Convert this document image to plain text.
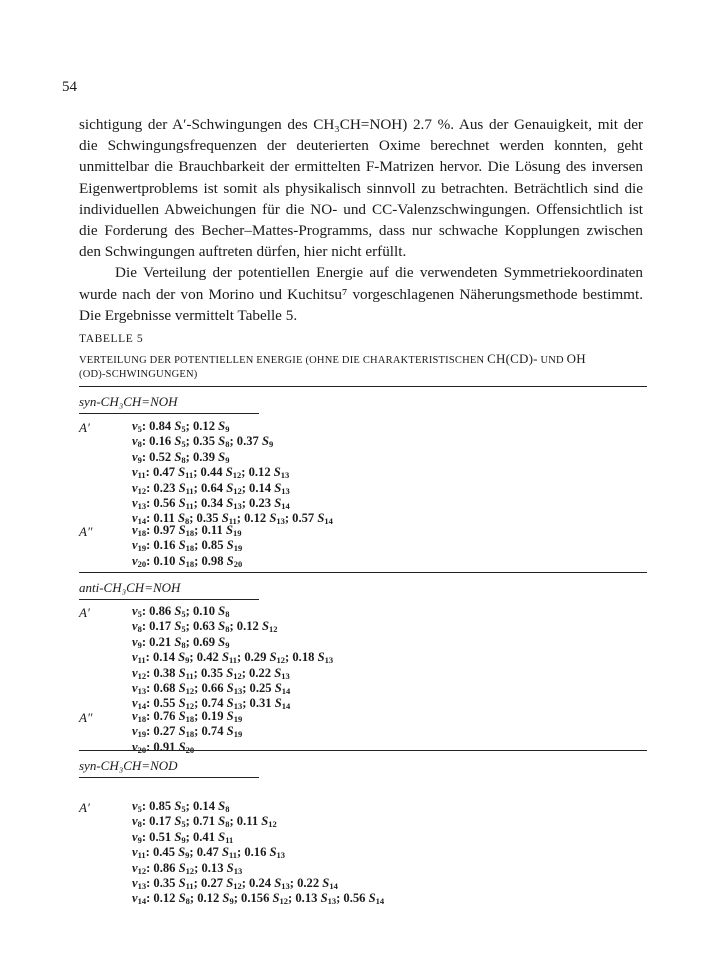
54

sichtigung der A′-Schwingungen des CH₃CH=NOH) 2.7 %. Aus der Genauigkeit, mit der die Schwingungsfrequenzen der deuterierten Oxime berechnet werden konnten, geht unmittelbar die Brauchbarkeit der ermittelten F-Matrizen hervor. Die Lösung des inversen Eigenwertproblems ist somit als physikalisch sinnvoll zu betrachten. Beträchtlich sind die individuellen Abweichungen für die NO- und CC-Valenzschwingungen. Offensichtlich ist die Forderung des Becher–Mattes-Programms, dass nur schwache Kopplungen zwischen den Schwingungen auftreten dürfen, hier nicht erfüllt.

Die Verteilung der potentiellen Energie auf die verwendeten Symmetriekoordinaten wurde nach der von Morino und Kuchitsu⁷ vorgeschlagenen Näherungsmethode bestimmt. Die Ergebnisse vermittelt Tabelle 5.

TABELLE 5
VERTEILUNG DER POTENTIELLEN ENERGIE (OHNE DIE CHARAKTERISTISCHEN CH(CD)- UND OH
(OD)-SCHWINGUNGEN)
syn-CH₃CH=NOH
A′	$\nu_5$: 0.84 $S_5$; 0.12 $S_9$
$\nu_8$: 0.16 $S_5$; 0.35 $S_8$; 0.37 $S_9$
$\nu_9$: 0.52 $S_8$; 0.39 $S_9$
$\nu_{11}$: 0.47 $S_{11}$; 0.44 $S_{12}$; 0.12 $S_{13}$
$\nu_{12}$: 0.23 $S_{11}$; 0.64 $S_{12}$; 0.14 $S_{13}$
$\nu_{13}$: 0.56 $S_{11}$; 0.34 $S_{13}$; 0.23 $S_{14}$
$\nu_{14}$: 0.11 $S_8$; 0.35 $S_{11}$; 0.12 $S_{13}$; 0.57 $S_{14}$
A″	$\nu_{18}$: 0.97 $S_{18}$; 0.11 $S_{19}$
$\nu_{19}$: 0.16 $S_{18}$; 0.85 $S_{19}$
$\nu_{20}$: 0.10 $S_{18}$; 0.98 $S_{20}$
anti-CH₃CH=NOH
A′	$\nu_5$: 0.86 $S_5$; 0.10 $S_8$
$\nu_8$: 0.17 $S_5$; 0.63 $S_8$; 0.12 $S_{12}$
$\nu_9$: 0.21 $S_8$; 0.69 $S_9$
$\nu_{11}$: 0.14 $S_9$; 0.42 $S_{11}$; 0.29 $S_{12}$; 0.18 $S_{13}$
$\nu_{12}$: 0.38 $S_{11}$; 0.35 $S_{12}$; 0.22 $S_{13}$
$\nu_{13}$: 0.68 $S_{12}$; 0.66 $S_{13}$; 0.25 $S_{14}$
$\nu_{14}$: 0.55 $S_{12}$; 0.74 $S_{13}$; 0.31 $S_{14}$
A″	$\nu_{18}$: 0.76 $S_{18}$; 0.19 $S_{19}$
$\nu_{19}$: 0.27 $S_{18}$; 0.74 $S_{19}$
$\nu_{20}$: 0.91 $S_{20}$
syn-CH₃CH=NOD
A′	$\nu_5$: 0.85 $S_5$; 0.14 $S_8$
$\nu_8$: 0.17 $S_5$; 0.71 $S_8$; 0.11 $S_{12}$
$\nu_9$: 0.51 $S_9$; 0.41 $S_{11}$
$\nu_{11}$: 0.45 $S_9$; 0.47 $S_{11}$; 0.16 $S_{13}$
$\nu_{12}$: 0.86 $S_{12}$; 0.13 $S_{13}$
$\nu_{13}$: 0.35 $S_{11}$; 0.27 $S_{12}$; 0.24 $S_{13}$; 0.22 $S_{14}$
$\nu_{14}$: 0.12 $S_8$; 0.12 $S_9$; 0.156 $S_{12}$; 0.13 $S_{13}$; 0.56 $S_{14}$
